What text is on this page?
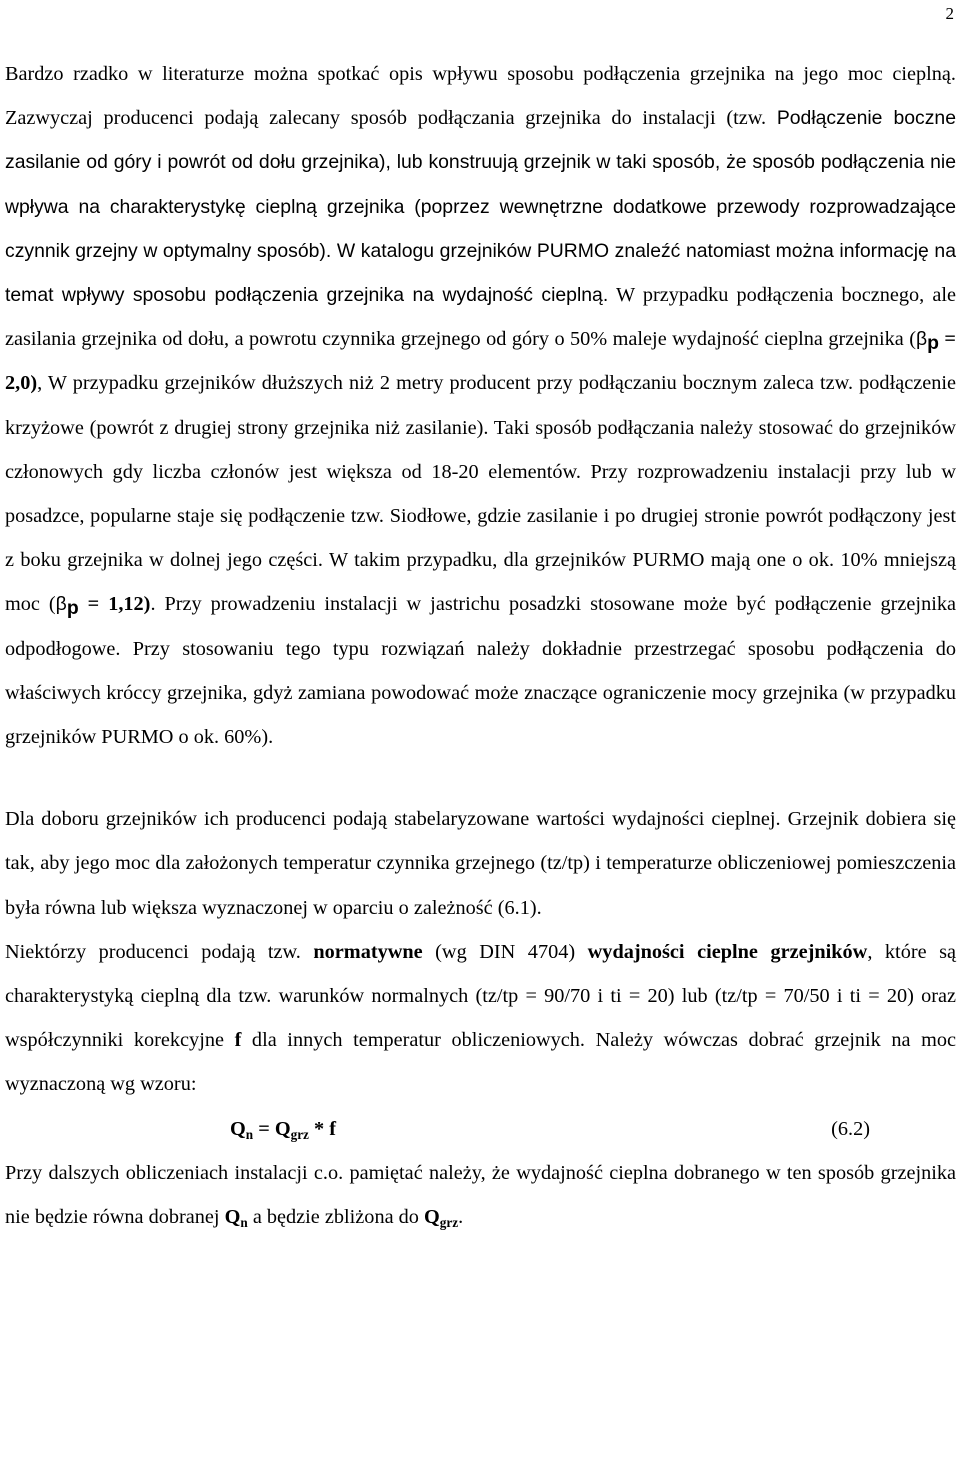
2

Bardzo rzadko w literaturze można spotkać opis wpływu sposobu podłączenia grzejnika na jego moc cieplną. Zazwyczaj producenci podają zalecany sposób podłączania grzejnika do instalacji (tzw. Podłączenie boczne zasilanie od góry i powrót od dołu grzejnika), lub konstruują grzejnik w taki sposób, że sposób podłączenia nie wpływa na charakterystykę cieplną grzejnika (poprzez wewnętrzne dodatkowe przewody rozprowadzające czynnik grzejny w optymalny sposób). W katalogu grzejników PURMO znaleźć natomiast można informację na temat wpływy sposobu podłączenia grzejnika na wydajność cieplną. W przypadku podłączenia bocznego, ale zasilania grzejnika od dołu, a powrotu czynnika grzejnego od góry o 50% maleje wydajność cieplna grzejnika $(\beta_p = 2,0)$, W przypadku grzejników dłuższych niż 2 metry producent przy podłączaniu bocznym zaleca tzw. podłączenie krzyżowe (powrót z drugiej strony grzejnika niż zasilanie). Taki sposób podłączania należy stosować do grzejników członowych gdy liczba członów jest większa od 18-20 elementów. Przy rozprowadzeniu instalacji przy lub w posadzce, popularne staje się podłączenie tzw. Siodłowe, gdzie zasilanie i po drugiej stronie powrót podłączony jest z boku grzejnika w dolnej jego części. W takim przypadku, dla grzejników PURMO mają one o ok. 10% mniejszą moc $(\beta_p = 1,12)$. Przy prowadzeniu instalacji w jastrichu posadzki stosowane może być podłączenie grzejnika odpodłogowe. Przy stosowaniu tego typu rozwiązań należy dokładnie przestrzegać sposobu podłączenia do właściwych króccy grzejnika, gdyż zamiana powodować może znaczące ograniczenie mocy grzejnika (w przypadku grzejników PURMO o ok. 60%).

Dla doboru grzejników ich producenci podają stabelaryzowane wartości wydajności cieplnej. Grzejnik dobiera się tak, aby jego moc dla założonych temperatur czynnika grzejnego (tz/tp) i temperaturze obliczeniowej pomieszczenia była równa lub większa wyznaczonej w oparciu o zależność (6.1).

Niektórzy producenci podają tzw. normatywne (wg DIN 4704) wydajności cieplne grzejników, które są charakterystyką cieplną dla tzw. warunków normalnych (tz/tp = 90/70 i ti = 20) lub (tz/tp = 70/50 i ti = 20) oraz współczynniki korekcyjne f dla innych temperatur obliczeniowych. Należy wówczas dobrać grzejnik na moc wyznaczoną wg wzoru:

$Q_n = Q_{grz} * f$	(6.2)

Przy dalszych obliczeniach instalacji c.o. pamiętać należy, że wydajność cieplna dobranego w ten sposób grzejnika nie będzie równa dobranej $Q_n$ a będzie zbliżona do $Q_{grz}$.
